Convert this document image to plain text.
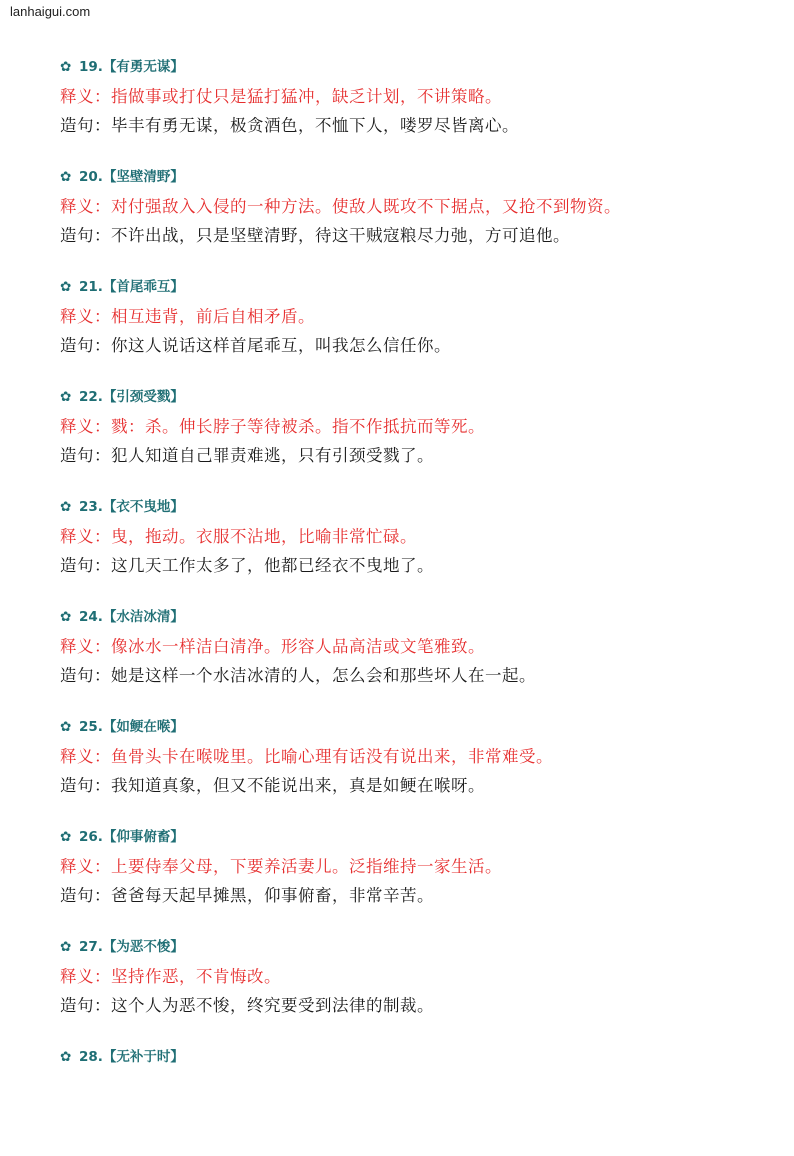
lanhaigui.com
✿ 19.【有勇无谋】
释义：指做事或打仗只是猛打猛冲，缺乏计划，不讲策略。
造句：毕丰有勇无谋，极贪酒色，不恤下人，喽罗尽皆离心。
✿ 20.【坚壁清野】
释义：对付强敌入入侵的一种方法。使敌人既攻不下据点，又抢不到物资。
造句：不许出战，只是坚壁清野，待这干贼寇粮尽力弛，方可追他。
✿ 21.【首尾乖互】
释义：相互违背，前后自相矛盾。
造句：你这人说话这样首尾乖互，叫我怎么信任你。
✿ 22.【引颈受戮】
释义：戮：杀。伸长脖子等待被杀。指不作抵抗而等死。
造句：犯人知道自己罪责难逃，只有引颈受戮了。
✿ 23.【衣不曳地】
释义：曳，拖动。衣服不沾地，比喻非常忙碌。
造句：这几天工作太多了，他都已经衣不曳地了。
✿ 24.【水洁冰清】
释义：像冰水一样洁白清净。形容人品高洁或文笔雅致。
造句：她是这样一个水洁冰清的人，怎么会和那些坏人在一起。
✿ 25.【如鲠在喉】
释义：鱼骨头卡在喉咙里。比喻心理有话没有说出来，非常难受。
造句：我知道真象，但又不能说出来，真是如鲠在喉呀。
✿ 26.【仰事俯畜】
释义：上要侍奉父母，下要养活妻儿。泛指维持一家生活。
造句：爸爸每天起早摊黑，仰事俯畜，非常辛苦。
✿ 27.【为恶不悛】
释义：坚持作恶，不肯悔改。
造句：这个人为恶不悛，终究要受到法律的制裁。
✿ 28.【无补于时】
